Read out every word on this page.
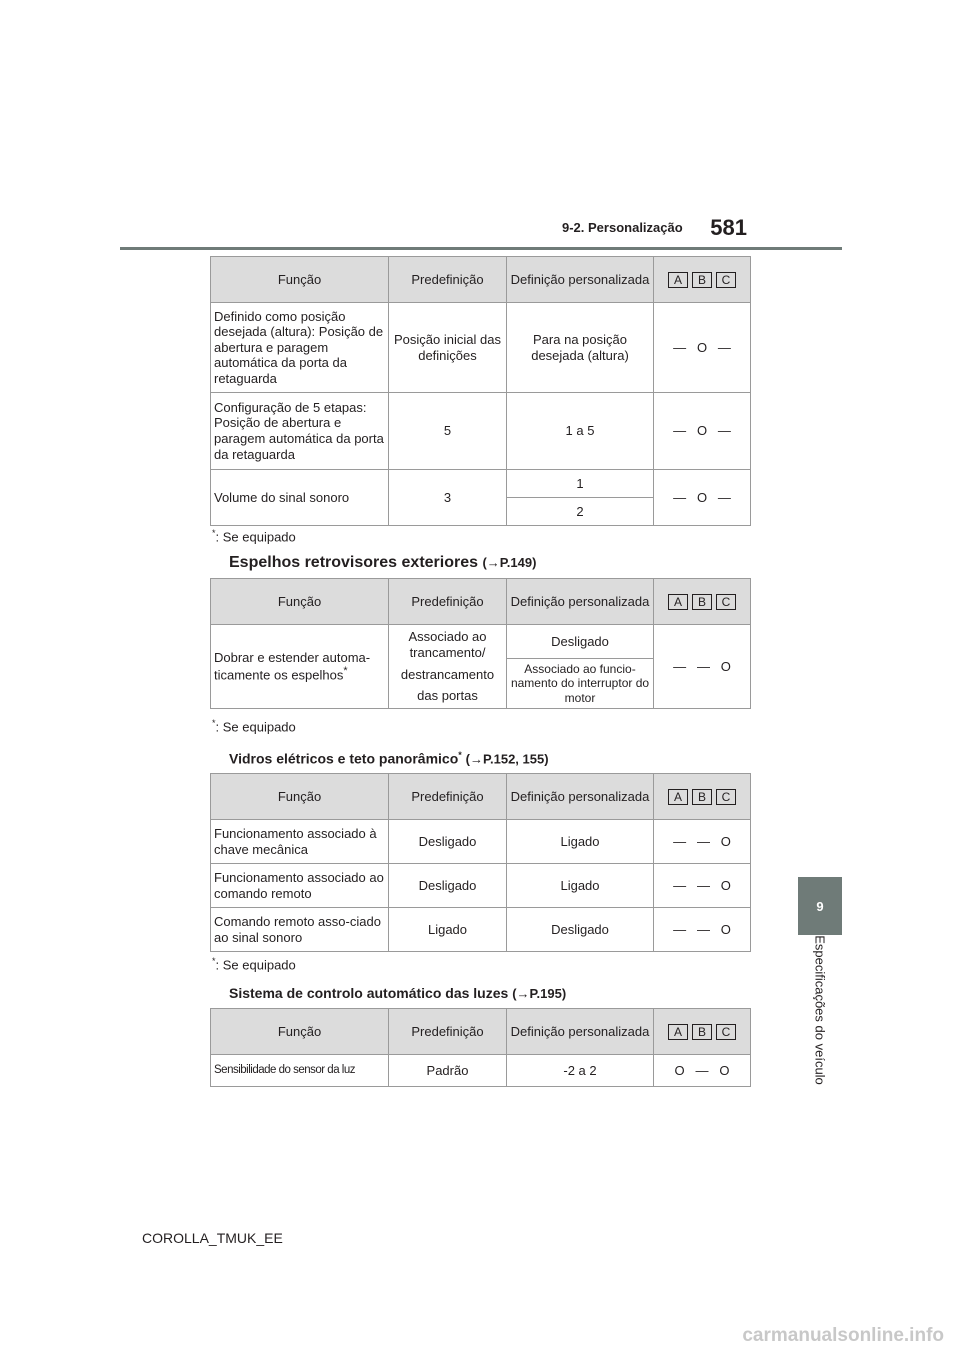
9-2. Personalização 581
9
Especificações do veículo
Função	Predefinição	Definição personalizada	A B C
Definido como posição desejada (altura): Posição de abertura e paragem automática da porta da retaguarda	Posição inicial das definições	Para na posição desejada (altura)	— O —
Configuração de 5 etapas: Posição de abertura e paragem automática da porta da retaguarda	5	1 a 5	— O —
Volume do sinal sonoro	3	1	— O —
		2	
*: Se equipado
Espelhos retrovisores exteriores (→P.149)
Função	Predefinição	Definição personalizada	A B C
Dobrar e estender automa-ticamente os espelhos*	Associado ao trancamento/
destrancamento
das portas	Desligado	— — O
		Associado ao funcio-namento do interruptor do motor	
*: Se equipado
Vidros elétricos e teto panorâmico* (→P.152, 155)
Função	Predefinição	Definição personalizada	A B C
Funcionamento associado à chave mecânica	Desligado	Ligado	— — O
Funcionamento associado ao comando remoto	Desligado	Ligado	— — O
Comando remoto asso-ciado ao sinal sonoro	Ligado	Desligado	— — O
*: Se equipado
Sistema de controlo automático das luzes (→P.195)
Função	Predefinição	Definição personalizada	A B C
Sensibilidade do sensor da luz	Padrão	-2 a 2	O — O
COROLLA_TMUK_EE
carmanualsonline.info
